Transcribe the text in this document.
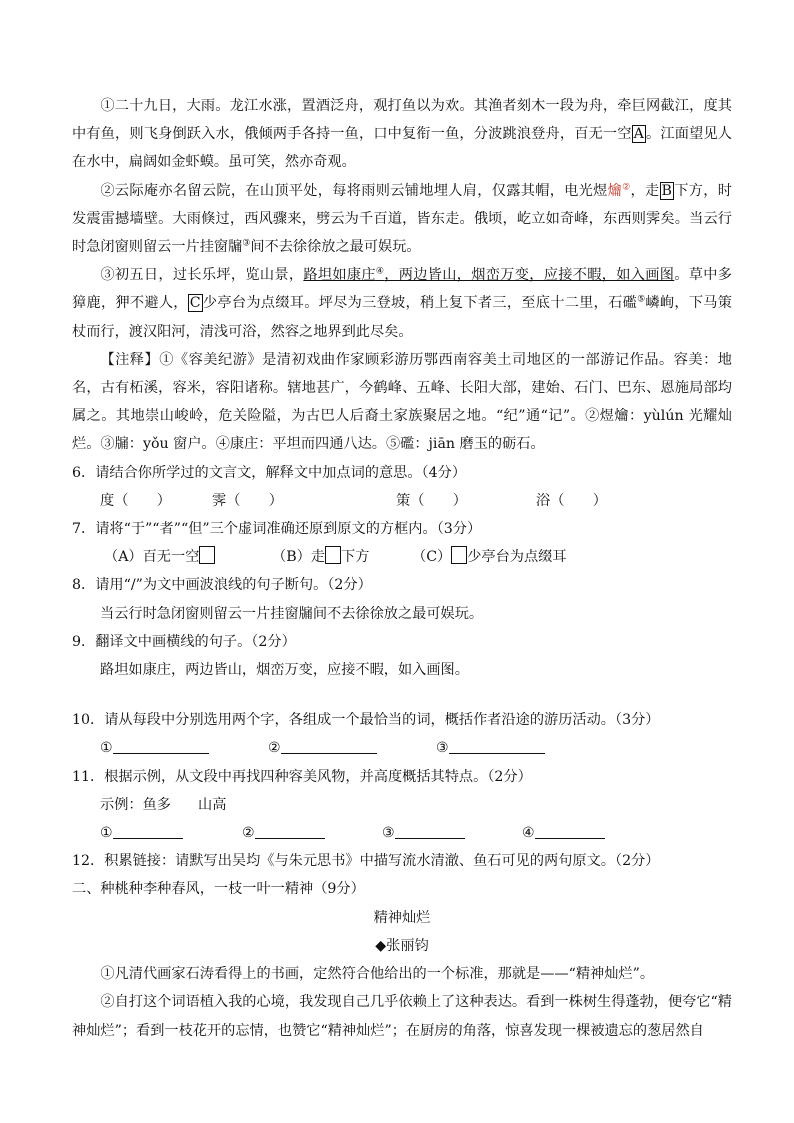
①二十九日，大雨。龙江水涨，置酒泛舟，观打鱼以为欢。其渔者刻木一段为舟，牵巨网截江，度其中有鱼，则飞身倒跃入水，俄倾两手各持一鱼，口中复衔一鱼，分波跳浪登舟，百无一空 A 。江面望见人在水中，扁阔如金虾蟆。虽可笑，然亦奇观。

②云际庵亦名留云院，在山顶平处，每将雨则云铺地埋人肩，仅露其帽，电光煜爚②，走 B 下方，时发震雷撼墙壁。大雨倏过，西风骤来，劈云为千百道，皆东走。俄顷，屹立如奇峰，东西则霁矣。当云行时急闭窗则留云一片挂窗牖③间不去徐徐放之最可娱玩。

③初五日，过长乐坪，览山景，路坦如康庄④，两边皆山，烟峦万变，应接不暇，如入画图。草中多獐鹿，狎不避人， C 少亭台为点缀耳。坪尽为三登坡，稍上复下者三，至底十二里，石礛⑤嶙峋，下马策杖而行，渡汉阳河，清浅可浴，然容之地界到此尽矣。

【注释】①《容美纪游》是清初戏曲作家顾彩游历鄂西南容美土司地区的一部游记作品。容美：地名，古有柘溪，容米，容阳诸称。辖地甚广，今鹤峰、五峰、长阳大部，建始、石门、巴东、恩施局部均属之。其地崇山峻岭，危关险隘，为古巴人后裔土家族聚居之地。“纪”通“记”。②煜爚：yùlún 光耀灿烂。③牖：yǒu 窗户。④康庄：平坦而四通八达。⑤礛：jiān 磨玉的砺石。

6．请结合你所学过的文言文，解释文中加点词的意思。（4分）

度（　　）	霁（　　）	策（　　）	浴（　　）

7．请将“于”“者”“但”三个虚词准确还原到原文的方框内。（3分）

（A）百无一空	（B）走 下方	（C） 少亭台为点缀耳

8．请用“/”为文中画波浪线的句子断句。（2分）

当云行时急闭窗则留云一片挂窗牖间不去徐徐放之最可娱玩。

9．翻译文中画横线的句子。（2分）

路坦如康庄，两边皆山，烟峦万变，应接不暇，如入画图。

10．请从每段中分别选用两个字，各组成一个最恰当的词，概括作者沿途的游历活动。（3分）

①	②	③

11．根据示例，从文段中再找四种容美风物，并高度概括其特点。（2分）

示例：鱼多	山高
①	②	③	④

12．积累链接：请默写出吴均《与朱元思书》中描写流水清澈、鱼石可见的两句原文。（2分）

二、种桃种李种春风，一枝一叶一精神（9分）

精神灿烂

◆张丽钧

①凡清代画家石涛看得上的书画，定然符合他给出的一个标准，那就是——“精神灿烂”。

②自打这个词语植入我的心境，我发现自己几乎依赖上了这种表达。看到一株树生得蓬勃，便夸它“精神灿烂”；看到一枝花开的忘情，也赞它“精神灿烂”；在厨房的角落，惊喜发现一棵被遗忘的葱居然自
